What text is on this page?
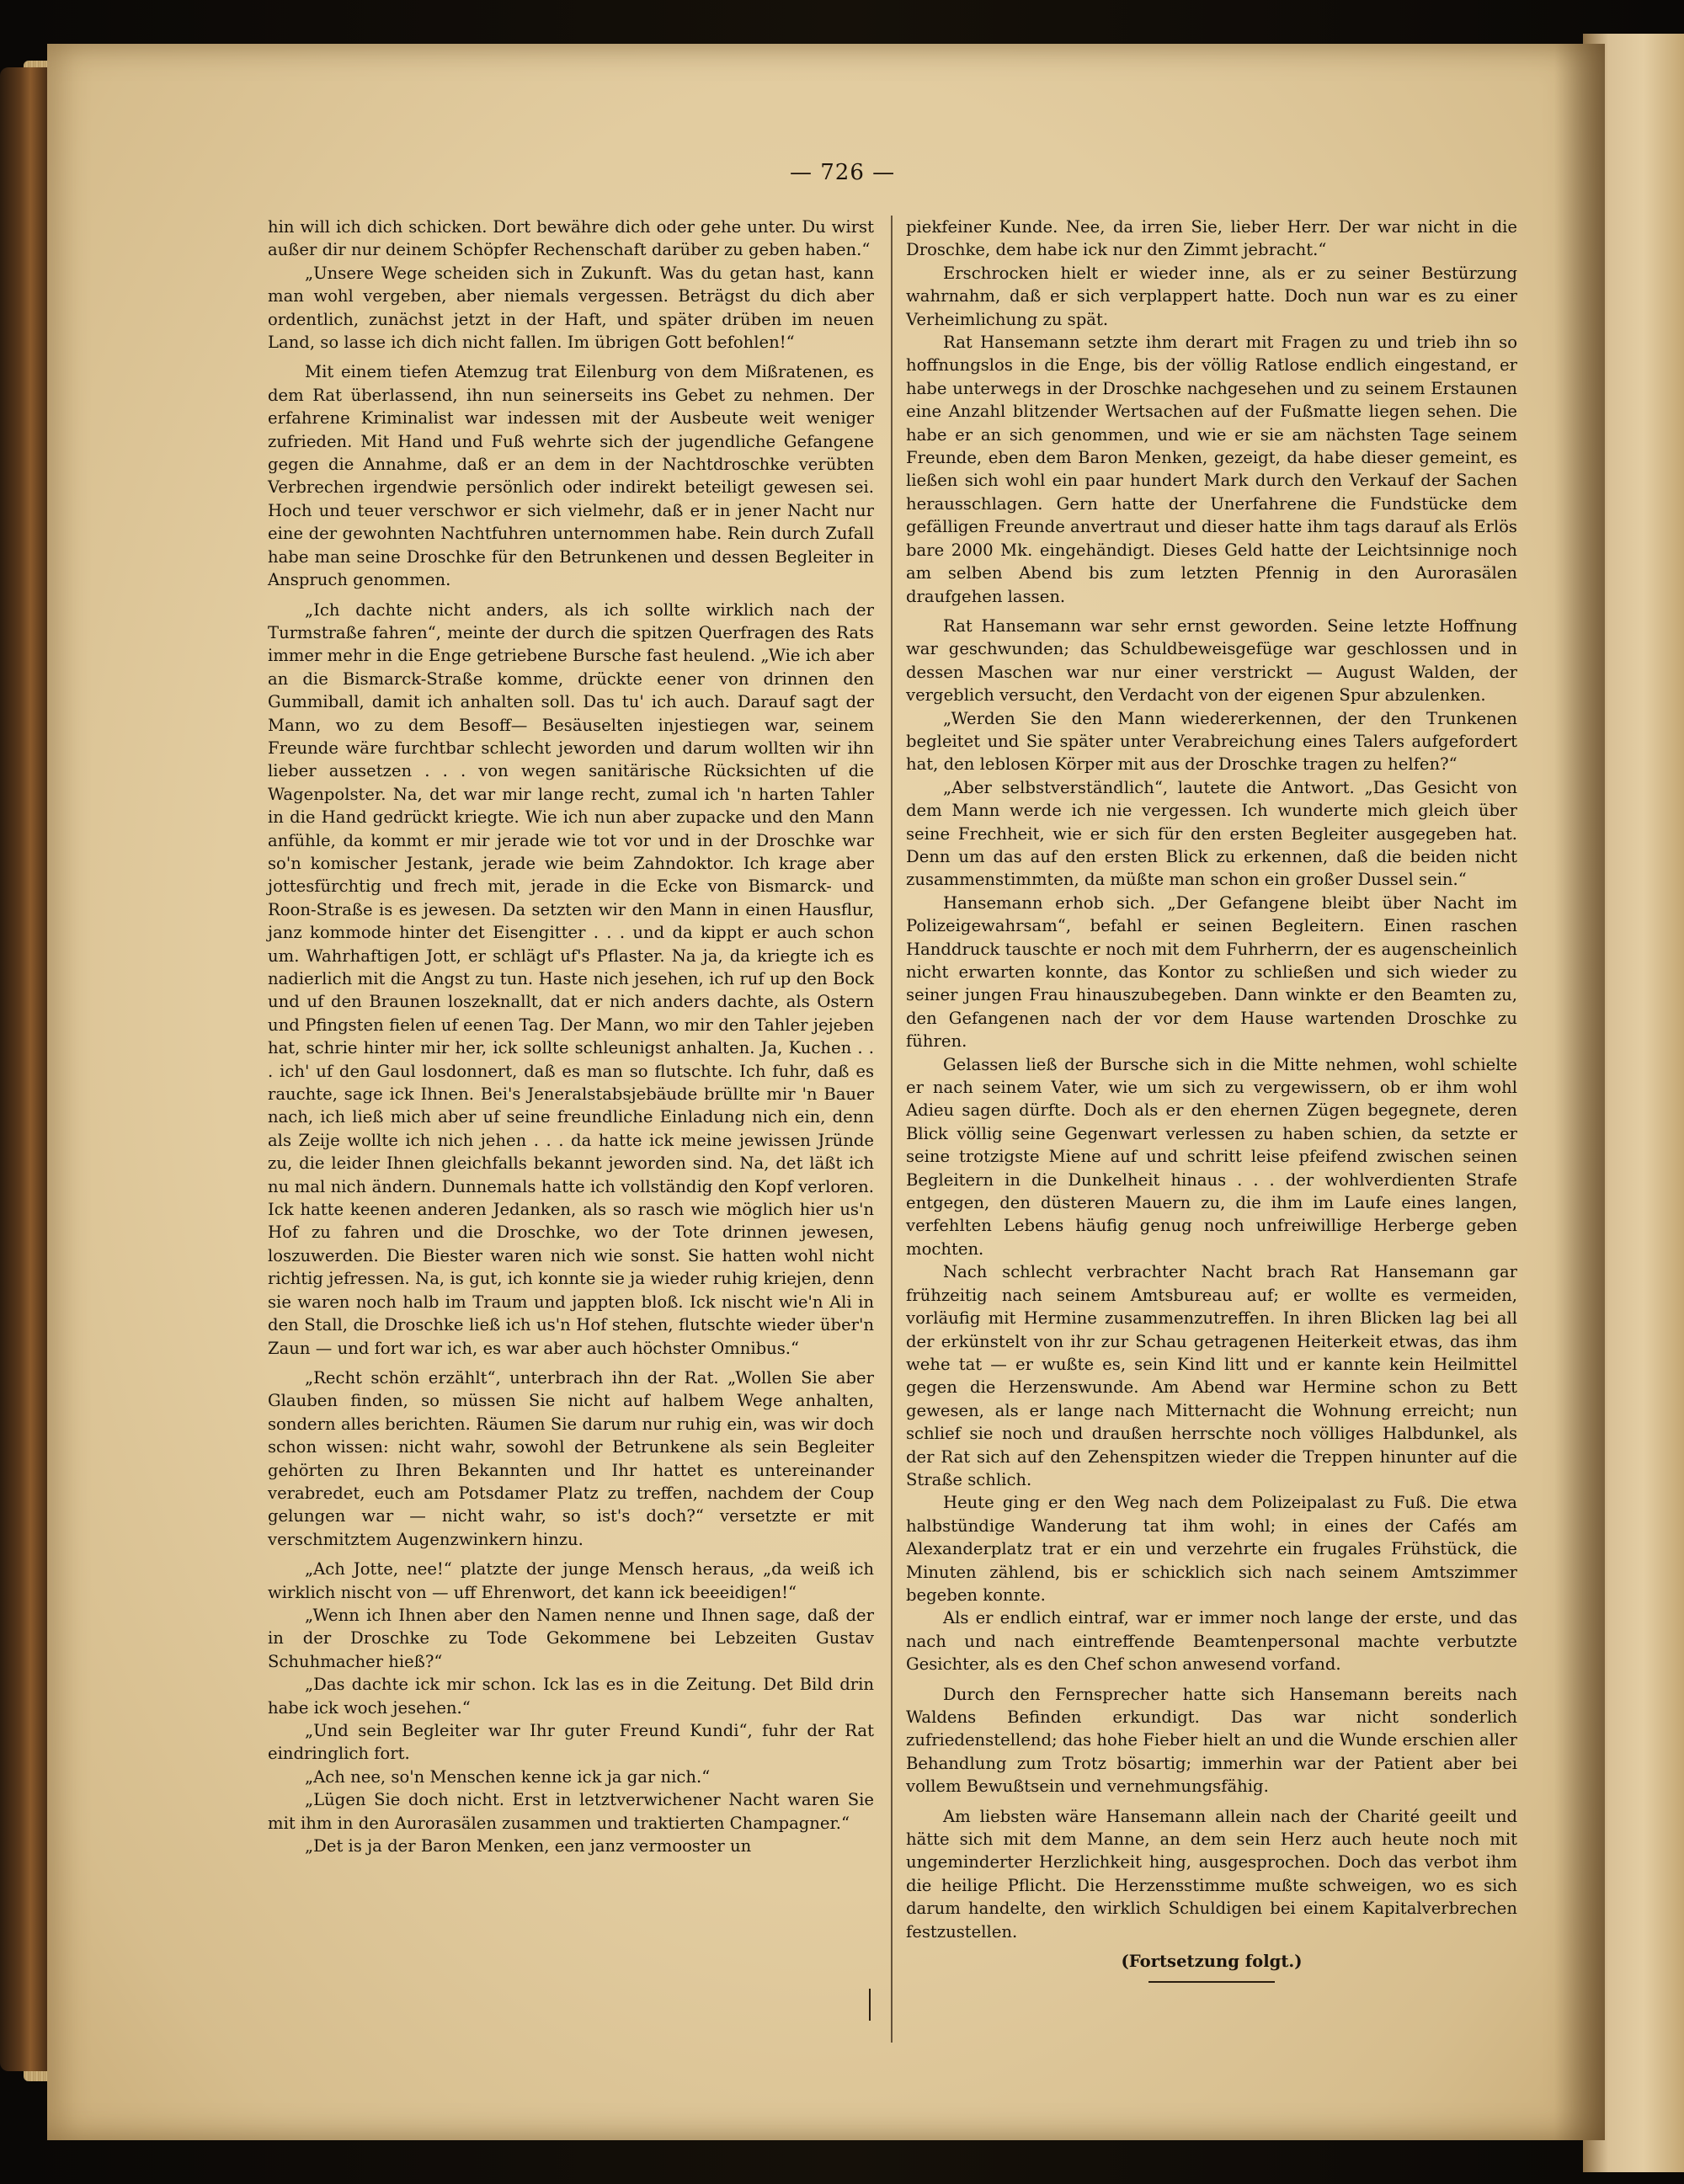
— 726 —

hin will ich dich schicken. Dort bewähre dich oder gehe unter. Du wirst außer dir nur deinem Schöpfer Rechenschaft darüber zu geben haben.“

„Unsere Wege scheiden sich in Zukunft. Was du getan hast, kann man wohl vergeben, aber niemals vergessen. Beträgst du dich aber ordentlich, zunächst jetzt in der Haft, und später drüben im neuen Land, so lasse ich dich nicht fallen. Im übrigen Gott befohlen!“

Mit einem tiefen Atemzug trat Eilenburg von dem Mißratenen, es dem Rat überlassend, ihn nun seinerseits ins Gebet zu nehmen. Der erfahrene Kriminalist war indessen mit der Ausbeute weit weniger zufrieden. Mit Hand und Fuß wehrte sich der jugendliche Gefangene gegen die Annahme, daß er an dem in der Nachtdroschke verübten Verbrechen irgendwie persönlich oder indirekt beteiligt gewesen sei. Hoch und teuer verschwor er sich vielmehr, daß er in jener Nacht nur eine der gewohnten Nachtfuhren unternommen habe. Rein durch Zufall habe man seine Droschke für den Betrunkenen und dessen Begleiter in Anspruch genommen.

„Ich dachte nicht anders, als ich sollte wirklich nach der Turmstraße fahren“, meinte der durch die spitzen Querfragen des Rats immer mehr in die Enge getriebene Bursche fast heulend. „Wie ich aber an die Bismarck-Straße komme, drückte eener von drinnen den Gummiball, damit ich anhalten soll. Das tu' ich auch. Darauf sagt der Mann, wo zu dem Besoff— Besäuselten injestiegen war, seinem Freunde wäre furchtbar schlecht jeworden und darum wollten wir ihn lieber aussetzen . . . von wegen sanitärische Rücksichten uf die Wagenpolster. Na, det war mir lange recht, zumal ich 'n harten Tahler in die Hand gedrückt kriegte. Wie ich nun aber zupacke und den Mann anfühle, da kommt er mir jerade wie tot vor und in der Droschke war so'n komischer Jestank, jerade wie beim Zahndoktor. Ich krage aber jottesfürchtig und frech mit, jerade in die Ecke von Bismarck- und Roon-Straße is es jewesen. Da setzten wir den Mann in einen Hausflur, janz kommode hinter det Eisengitter . . . und da kippt er auch schon um. Wahrhaftigen Jott, er schlägt uf's Pflaster. Na ja, da kriegte ich es nadierlich mit die Angst zu tun. Haste nich jesehen, ich ruf up den Bock und uf den Braunen loszeknallt, dat er nich anders dachte, als Ostern und Pfingsten fielen uf eenen Tag. Der Mann, wo mir den Tahler jejeben hat, schrie hinter mir her, ick sollte schleunigst anhalten. Ja, Kuchen . . . ich' uf den Gaul losdonnert, daß es man so flutschte. Ich fuhr, daß es rauchte, sage ick Ihnen. Bei's Jeneralstabsjebäude brüllte mir 'n Bauer nach, ich ließ mich aber uf seine freundliche Einladung nich ein, denn als Zeije wollte ich nich jehen . . . da hatte ick meine jewissen Jründe zu, die leider Ihnen gleichfalls bekannt jeworden sind. Na, det läßt ich nu mal nich ändern. Dunnemals hatte ich vollständig den Kopf verloren. Ick hatte keenen anderen Jedanken, als so rasch wie möglich hier us'n Hof zu fahren und die Droschke, wo der Tote drinnen jewesen, loszuwerden. Die Biester waren nich wie sonst. Sie hatten wohl nicht richtig jefressen. Na, is gut, ich konnte sie ja wieder ruhig kriejen, denn sie waren noch halb im Traum und jappten bloß. Ick nischt wie'n Ali in den Stall, die Droschke ließ ich us'n Hof stehen, flutschte wieder über'n Zaun — und fort war ich, es war aber auch höchster Omnibus.“

„Recht schön erzählt“, unterbrach ihn der Rat. „Wollen Sie aber Glauben finden, so müssen Sie nicht auf halbem Wege anhalten, sondern alles berichten. Räumen Sie darum nur ruhig ein, was wir doch schon wissen: nicht wahr, sowohl der Betrunkene als sein Begleiter gehörten zu Ihren Bekannten und Ihr hattet es untereinander verabredet, euch am Potsdamer Platz zu treffen, nachdem der Coup gelungen war — nicht wahr, so ist's doch?“ versetzte er mit verschmitztem Augenzwinkern hinzu.

„Ach Jotte, nee!“ platzte der junge Mensch heraus, „da weiß ich wirklich nischt von — uff Ehrenwort, det kann ick beeeidigen!“

„Wenn ich Ihnen aber den Namen nenne und Ihnen sage, daß der in der Droschke zu Tode Gekommene bei Lebzeiten Gustav Schuhmacher hieß?“

„Das dachte ick mir schon. Ick las es in die Zeitung. Det Bild drin habe ick woch jesehen.“

„Und sein Begleiter war Ihr guter Freund Kundi“, fuhr der Rat eindringlich fort.

„Ach nee, so'n Menschen kenne ick ja gar nich.“

„Lügen Sie doch nicht. Erst in letztverwichener Nacht waren Sie mit ihm in den Aurorasälen zusammen und traktierten Champagner.“

„Det is ja der Baron Menken, een janz vermooster un

piekfeiner Kunde. Nee, da irren Sie, lieber Herr. Der war nicht in die Droschke, dem habe ick nur den Zimmt jebracht.“

Erschrocken hielt er wieder inne, als er zu seiner Bestürzung wahrnahm, daß er sich verplappert hatte. Doch nun war es zu einer Verheimlichung zu spät.

Rat Hansemann setzte ihm derart mit Fragen zu und trieb ihn so hoffnungslos in die Enge, bis der völlig Ratlose endlich eingestand, er habe unterwegs in der Droschke nachgesehen und zu seinem Erstaunen eine Anzahl blitzender Wertsachen auf der Fußmatte liegen sehen. Die habe er an sich genommen, und wie er sie am nächsten Tage seinem Freunde, eben dem Baron Menken, gezeigt, da habe dieser gemeint, es ließen sich wohl ein paar hundert Mark durch den Verkauf der Sachen herausschlagen. Gern hatte der Unerfahrene die Fundstücke dem gefälligen Freunde anvertraut und dieser hatte ihm tags darauf als Erlös bare 2000 Mk. eingehändigt. Dieses Geld hatte der Leichtsinnige noch am selben Abend bis zum letzten Pfennig in den Aurorasälen draufgehen lassen.

Rat Hansemann war sehr ernst geworden. Seine letzte Hoffnung war geschwunden; das Schuldbeweisgefüge war geschlossen und in dessen Maschen war nur einer verstrickt — August Walden, der vergeblich versucht, den Verdacht von der eigenen Spur abzulenken.

„Werden Sie den Mann wiedererkennen, der den Trunkenen begleitet und Sie später unter Verabreichung eines Talers aufgefordert hat, den leblosen Körper mit aus der Droschke tragen zu helfen?“

„Aber selbstverständlich“, lautete die Antwort. „Das Gesicht von dem Mann werde ich nie vergessen. Ich wunderte mich gleich über seine Frechheit, wie er sich für den ersten Begleiter ausgegeben hat. Denn um das auf den ersten Blick zu erkennen, daß die beiden nicht zusammenstimmten, da müßte man schon ein großer Dussel sein.“

Hansemann erhob sich. „Der Gefangene bleibt über Nacht im Polizeigewahrsam“, befahl er seinen Begleitern. Einen raschen Handdruck tauschte er noch mit dem Fuhrherrn, der es augenscheinlich nicht erwarten konnte, das Kontor zu schließen und sich wieder zu seiner jungen Frau hinauszubegeben. Dann winkte er den Beamten zu, den Gefangenen nach der vor dem Hause wartenden Droschke zu führen.

Gelassen ließ der Bursche sich in die Mitte nehmen, wohl schielte er nach seinem Vater, wie um sich zu vergewissern, ob er ihm wohl Adieu sagen dürfte. Doch als er den ehernen Zügen begegnete, deren Blick völlig seine Gegenwart verlessen zu haben schien, da setzte er seine trotzigste Miene auf und schritt leise pfeifend zwischen seinen Begleitern in die Dunkelheit hinaus . . . der wohlverdienten Strafe entgegen, den düsteren Mauern zu, die ihm im Laufe eines langen, verfehlten Lebens häufig genug noch unfreiwillige Herberge geben mochten.

Nach schlecht verbrachter Nacht brach Rat Hansemann gar frühzeitig nach seinem Amtsbureau auf; er wollte es vermeiden, vorläufig mit Hermine zusammenzutreffen. In ihren Blicken lag bei all der erkünstelt von ihr zur Schau getragenen Heiterkeit etwas, das ihm wehe tat — er wußte es, sein Kind litt und er kannte kein Heilmittel gegen die Herzenswunde. Am Abend war Hermine schon zu Bett gewesen, als er lange nach Mitternacht die Wohnung erreicht; nun schlief sie noch und draußen herrschte noch völliges Halbdunkel, als der Rat sich auf den Zehenspitzen wieder die Treppen hinunter auf die Straße schlich.

Heute ging er den Weg nach dem Polizeipalast zu Fuß. Die etwa halbstündige Wanderung tat ihm wohl; in eines der Cafés am Alexanderplatz trat er ein und verzehrte ein frugales Frühstück, die Minuten zählend, bis er schicklich sich nach seinem Amtszimmer begeben konnte.

Als er endlich eintraf, war er immer noch lange der erste, und das nach und nach eintreffende Beamtenpersonal machte verbutzte Gesichter, als es den Chef schon anwesend vorfand.

Durch den Fernsprecher hatte sich Hansemann bereits nach Waldens Befinden erkundigt. Das war nicht sonderlich zufriedenstellend; das hohe Fieber hielt an und die Wunde erschien aller Behandlung zum Trotz bösartig; immerhin war der Patient aber bei vollem Bewußtsein und vernehmungsfähig.

Am liebsten wäre Hansemann allein nach der Charité geeilt und hätte sich mit dem Manne, an dem sein Herz auch heute noch mit ungeminderter Herzlichkeit hing, ausgesprochen. Doch das verbot ihm die heilige Pflicht. Die Herzensstimme mußte schweigen, wo es sich darum handelte, den wirklich Schuldigen bei einem Kapitalverbrechen festzustellen.

(Fortsetzung folgt.)
